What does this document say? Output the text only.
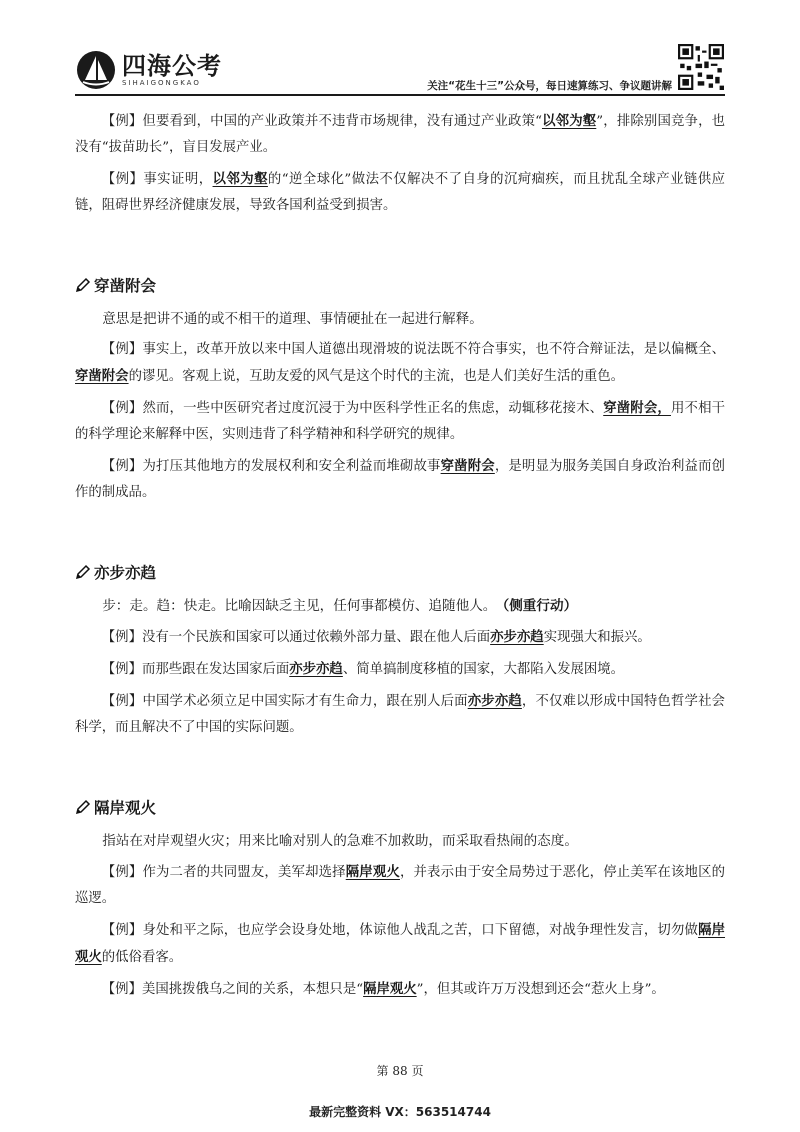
四海公考
SIHAIGONGKAO	关注“花生十三”公众号，每日速算练习、争议题讲解

【例】但要看到，中国的产业政策并不违背市场规律，没有通过产业政策“以邻为壑”，排除别国竞争，也没有“拔苗助长”，盲目发展产业。

【例】事实证明，以邻为壑的“逆全球化”做法不仅解决不了自身的沉疴痼疾，而且扰乱全球产业链供应链，阻碍世界经济健康发展，导致各国利益受到损害。

穿凿附会

意思是把讲不通的或不相干的道理、事情硬扯在一起进行解释。

【例】事实上，改革开放以来中国人道德出现滑坡的说法既不符合事实，也不符合辩证法，是以偏概全、穿凿附会的谬见。客观上说，互助友爱的风气是这个时代的主流，也是人们美好生活的重色。

【例】然而，一些中医研究者过度沉浸于为中医科学性正名的焦虑，动辄移花接木、穿凿附会，用不相干的科学理论来解释中医，实则违背了科学精神和科学研究的规律。

【例】为打压其他地方的发展权利和安全利益而堆砌故事穿凿附会，是明显为服务美国自身政治利益而创作的制成品。

亦步亦趋

步：走。趋：快走。比喻因缺乏主见，任何事都模仿、追随他人。 （侧重行动）

【例】没有一个民族和国家可以通过依赖外部力量、跟在他人后面亦步亦趋实现强大和振兴。

【例】而那些跟在发达国家后面亦步亦趋、简单搞制度移植的国家，大都陷入发展困境。

【例】中国学术必须立足中国实际才有生命力，跟在别人后面亦步亦趋，不仅难以形成中国特色哲学社会科学，而且解决不了中国的实际问题。

隔岸观火

指站在对岸观望火灾；用来比喻对别人的急难不加救助，而采取看热闹的态度。

【例】作为二者的共同盟友，美军却选择隔岸观火，并表示由于安全局势过于恶化，停止美军在该地区的巡逻。

【例】身处和平之际，也应学会设身处地，体谅他人战乱之苦，口下留德，对战争理性发言，切勿做隔岸观火的低俗看客。

【例】美国挑拨俄乌之间的关系，本想只是“隔岸观火”，但其或许万万没想到还会“惹火上身”。

第 88 页
最新完整资料 VX：563514744
